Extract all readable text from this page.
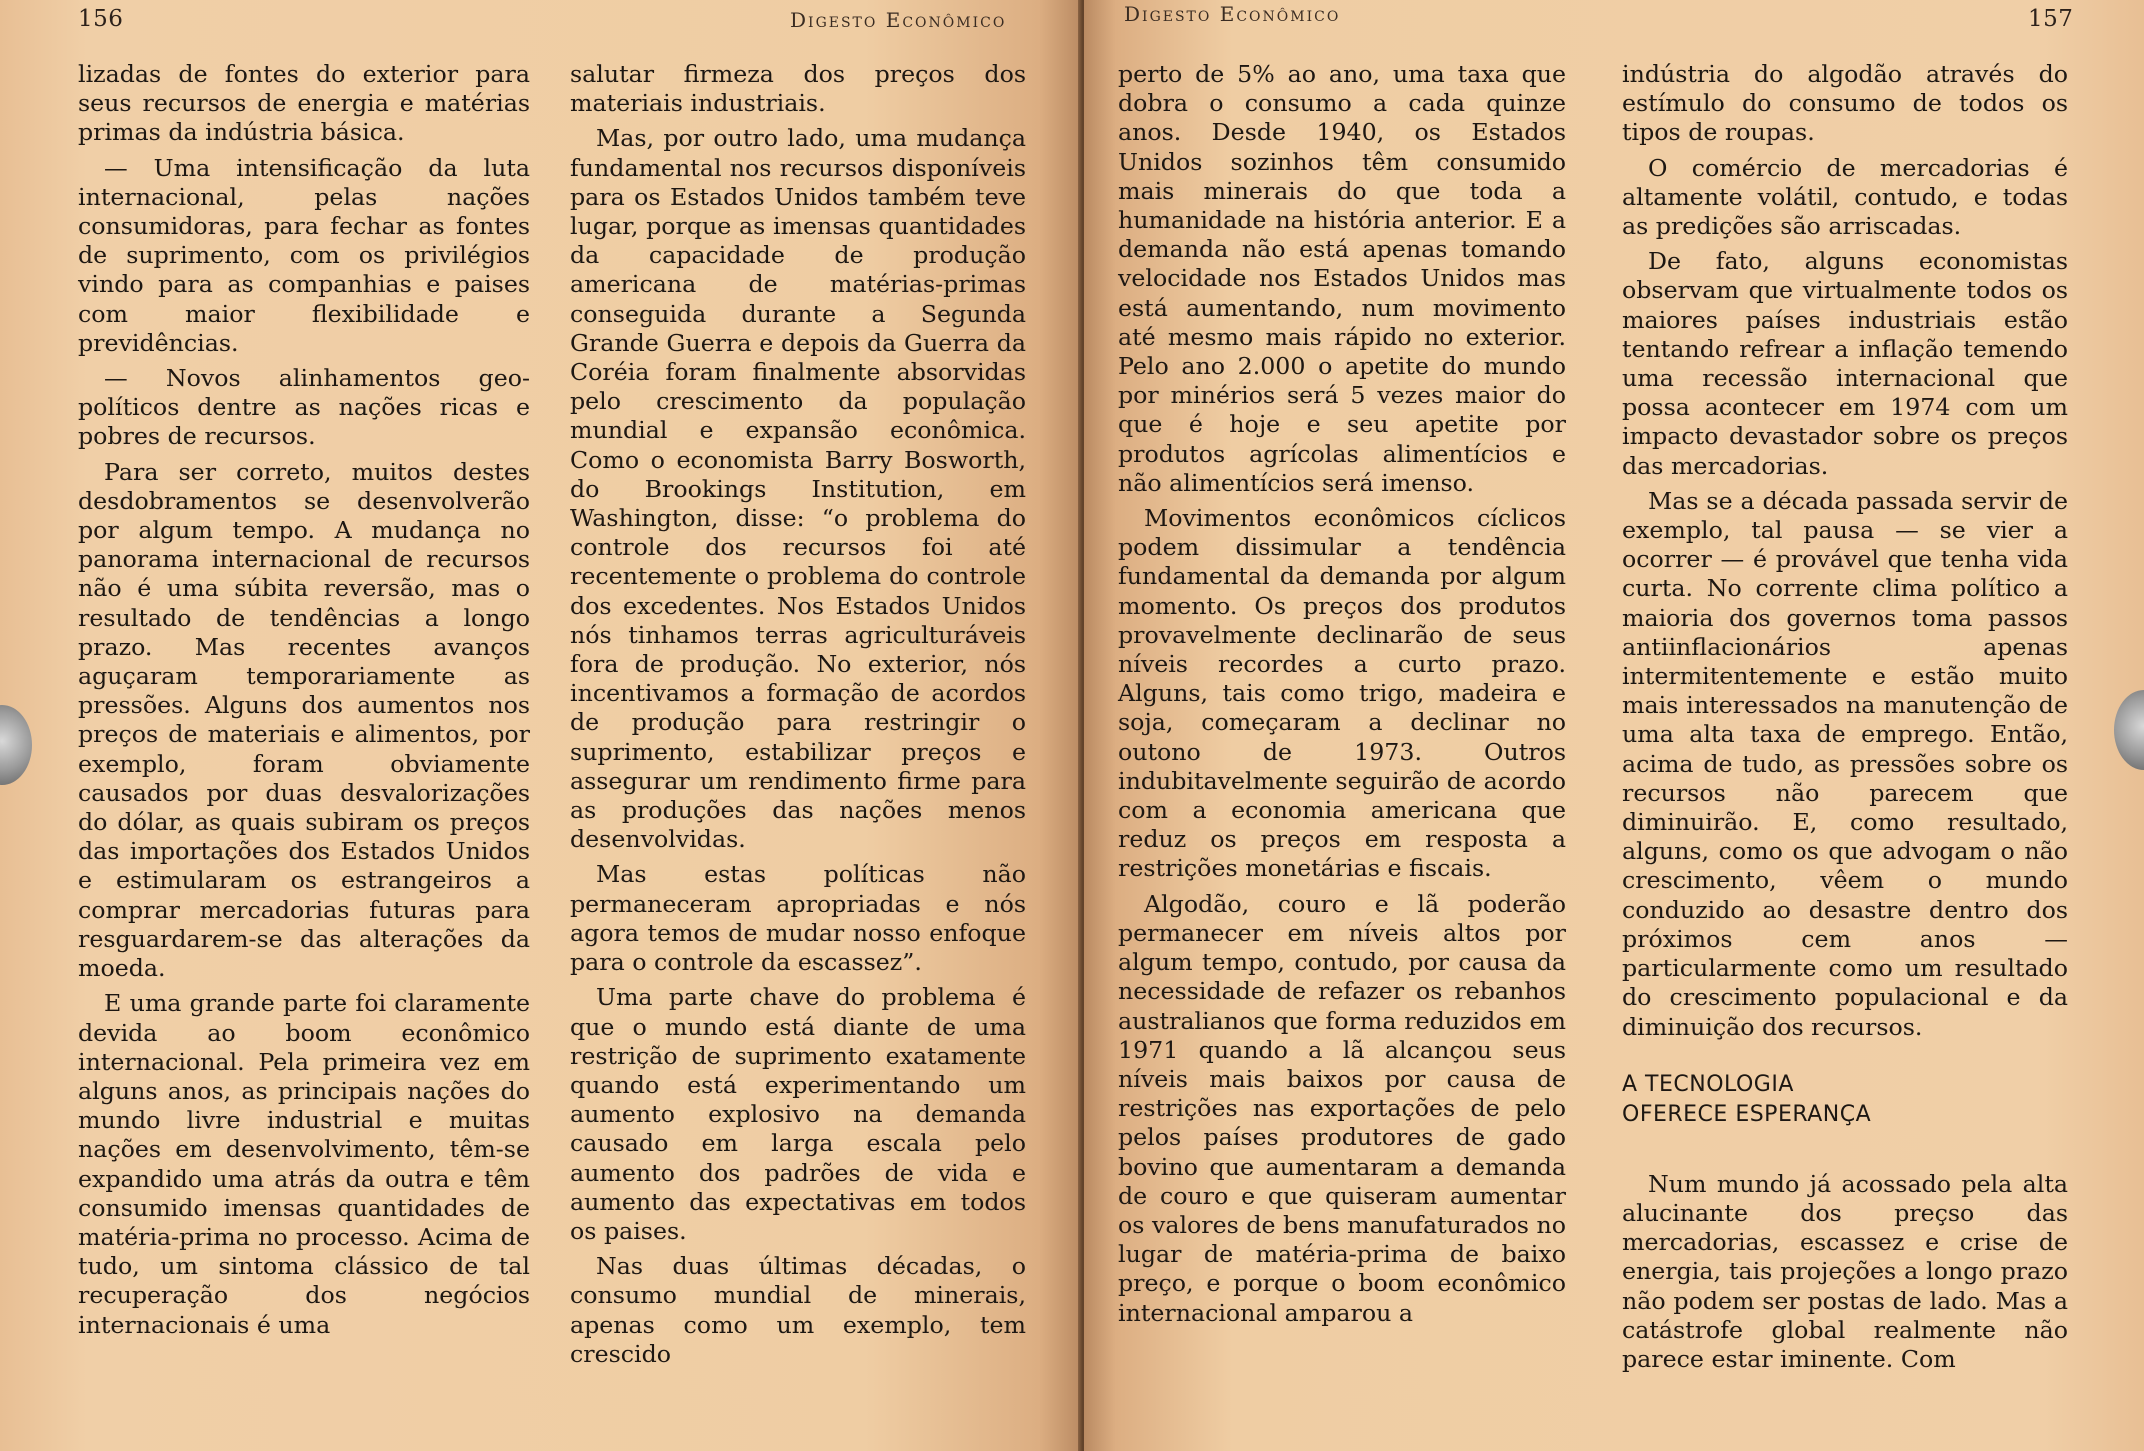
156	Digesto Econômico

lizadas de fontes do exterior para seus recursos de energia e matérias primas da indústria básica.

— Uma intensificação da luta internacional, pelas nações consumidoras, para fechar as fontes de suprimento, com os privilégios vindo para as companhias e paises com maior flexibilidade e previdências.

— Novos alinhamentos geo-políticos dentre as nações ricas e pobres de recursos.

Para ser correto, muitos destes desdobramentos se desenvolverão por algum tempo. A mudança no panorama internacional de recursos não é uma súbita reversão, mas o resultado de tendências a longo prazo. Mas recentes avanços aguçaram temporariamente as pressões. Alguns dos aumentos nos preços de materiais e alimentos, por exemplo, foram obviamente causados por duas desvalorizações do dólar, as quais subiram os preços das importações dos Estados Unidos e estimularam os estrangeiros a comprar mercadorias futuras para resguardarem-se das alterações da moeda.

E uma grande parte foi claramente devida ao boom econômico internacional. Pela primeira vez em alguns anos, as principais nações do mundo livre industrial e muitas nações em desenvolvimento, têm-se expandido uma atrás da outra e têm consumido imensas quantidades de matéria-prima no processo. Acima de tudo, um sintoma clássico de tal recuperação dos negócios internacionais é uma

salutar firmeza dos preços dos materiais industriais.

Mas, por outro lado, uma mudança fundamental nos recursos disponíveis para os Estados Unidos também teve lugar, porque as imensas quantidades da capacidade de produção americana de matérias-primas conseguida durante a Segunda Grande Guerra e depois da Guerra da Coréia foram finalmente absorvidas pelo crescimento da população mundial e expansão econômica. Como o economista Barry Bosworth, do Brookings Institution, em Washington, disse: “o problema do controle dos recursos foi até recentemente o problema do controle dos excedentes. Nos Estados Unidos nós tinhamos terras agriculturáveis fora de produção. No exterior, nós incentivamos a formação de acordos de produção para restringir o suprimento, estabilizar preços e assegurar um rendimento firme para as produções das nações menos desenvolvidas.

Mas estas políticas não permaneceram apropriadas e nós agora temos de mudar nosso enfoque para o controle da escassez”.

Uma parte chave do problema é que o mundo está diante de uma restrição de suprimento exatamente quando está experimentando um aumento explosivo na demanda causado em larga escala pelo aumento dos padrões de vida e aumento das expectativas em todos os paises.

Nas duas últimas décadas, o consumo mundial de minerais, apenas como um exemplo, tem crescido

Digesto Econômico	157

perto de 5% ao ano, uma taxa que dobra o consumo a cada quinze anos. Desde 1940, os Estados Unidos sozinhos têm consumido mais minerais do que toda a humanidade na história anterior. E a demanda não está apenas tomando velocidade nos Estados Unidos mas está aumentando, num movimento até mesmo mais rápido no exterior. Pelo ano 2.000 o apetite do mundo por minérios será 5 vezes maior do que é hoje e seu apetite por produtos agrícolas alimentícios e não alimentícios será imenso.

Movimentos econômicos cíclicos podem dissimular a tendência fundamental da demanda por algum momento. Os preços dos produtos provavelmente declinarão de seus níveis recordes a curto prazo. Alguns, tais como trigo, madeira e soja, começaram a declinar no outono de 1973. Outros indubitavelmente seguirão de acordo com a economia americana que reduz os preços em resposta a restrições monetárias e fiscais.

Algodão, couro e lã poderão permanecer em níveis altos por algum tempo, contudo, por causa da necessidade de refazer os rebanhos australianos que forma reduzidos em 1971 quando a lã alcançou seus níveis mais baixos por causa de restrições nas exportações de pelo pelos países produtores de gado bovino que aumentaram a demanda de couro e que quiseram aumentar os valores de bens manufaturados no lugar de matéria-prima de baixo preço, e porque o boom econômico internacional amparou a

indústria do algodão através do estímulo do consumo de todos os tipos de roupas.

O comércio de mercadorias é altamente volátil, contudo, e todas as predições são arriscadas.

De fato, alguns economistas observam que virtualmente todos os maiores países industriais estão tentando refrear a inflação temendo uma recessão internacional que possa acontecer em 1974 com um impacto devastador sobre os preços das mercadorias.

Mas se a década passada servir de exemplo, tal pausa — se vier a ocorrer — é provável que tenha vida curta. No corrente clima político a maioria dos governos toma passos antiinflacionários apenas intermitentemente e estão muito mais interessados na manutenção de uma alta taxa de emprego. Então, acima de tudo, as pressões sobre os recursos não parecem que diminuirão. E, como resultado, alguns, como os que advogam o não crescimento, vêem o mundo conduzido ao desastre dentro dos próximos cem anos — particularmente como um resultado do crescimento populacional e da diminuição dos recursos.

A TECNOLOGIA
OFERECE ESPERANÇA

Num mundo já acossado pela alta alucinante dos preçso das mercadorias, escassez e crise de energia, tais projeções a longo prazo não podem ser postas de lado. Mas a catástrofe global realmente não parece estar iminente. Com
